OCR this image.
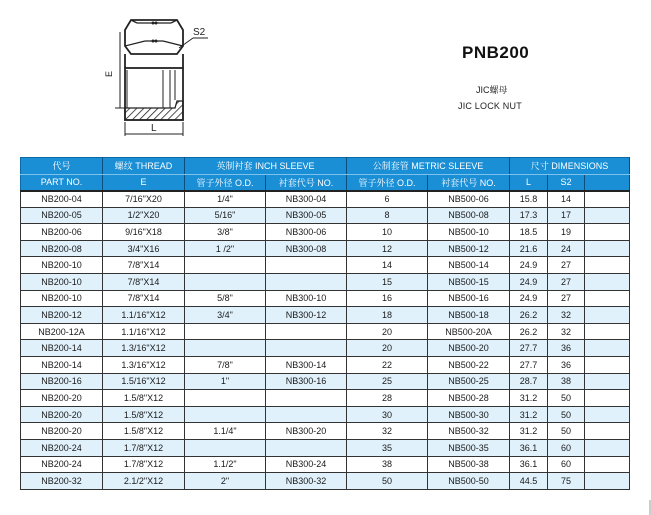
E
L
S2
PNB200
JIC螺母
JIC LOCK NUT
代号	螺纹 THREAD	英制衬套 INCH SLEEVE		公制套管 METRIC SLEEVE		尺寸 DIMENSIONS		
PART NO.	E	管子外径 O.D.	衬套代号 NO.	管子外径 O.D.	衬套代号 NO.	L	S2	
NB200-04	7/16"X20	1/4"	NB300-04	6	NB500-06	15.8	14	
NB200-05	1/2"X20	5/16"	NB300-05	8	NB500-08	17.3	17	
NB200-06	9/16"X18	3/8"	NB300-06	10	NB500-10	18.5	19	
NB200-08	3/4"X16	1 /2"	NB300-08	12	NB500-12	21.6	24	
NB200-10	7/8"X14			14	NB500-14	24.9	27	
NB200-10	7/8"X14			15	NB500-15	24.9	27	
NB200-10	7/8"X14	5/8"	NB300-10	16	NB500-16	24.9	27	
NB200-12	1.1/16"X12	3/4"	NB300-12	18	NB500-18	26.2	32	
NB200-12A	1.1/16"X12			20	NB500-20A	26.2	32	
NB200-14	1.3/16"X12			20	NB500-20	27.7	36	
NB200-14	1.3/16"X12	7/8"	NB300-14	22	NB500-22	27.7	36	
NB200-16	1.5/16"X12	1"	NB300-16	25	NB500-25	28.7	38	
NB200-20	1.5/8"X12			28	NB500-28	31.2	50	
NB200-20	1.5/8"X12			30	NB500-30	31.2	50	
NB200-20	1.5/8"X12	1.1/4"	NB300-20	32	NB500-32	31.2	50	
NB200-24	1.7/8"X12			35	NB500-35	36.1	60	
NB200-24	1.7/8"X12	1.1/2"	NB300-24	38	NB500-38	36.1	60	
NB200-32	2.1/2"X12	2"	NB300-32	50	NB500-50	44.5	75	
